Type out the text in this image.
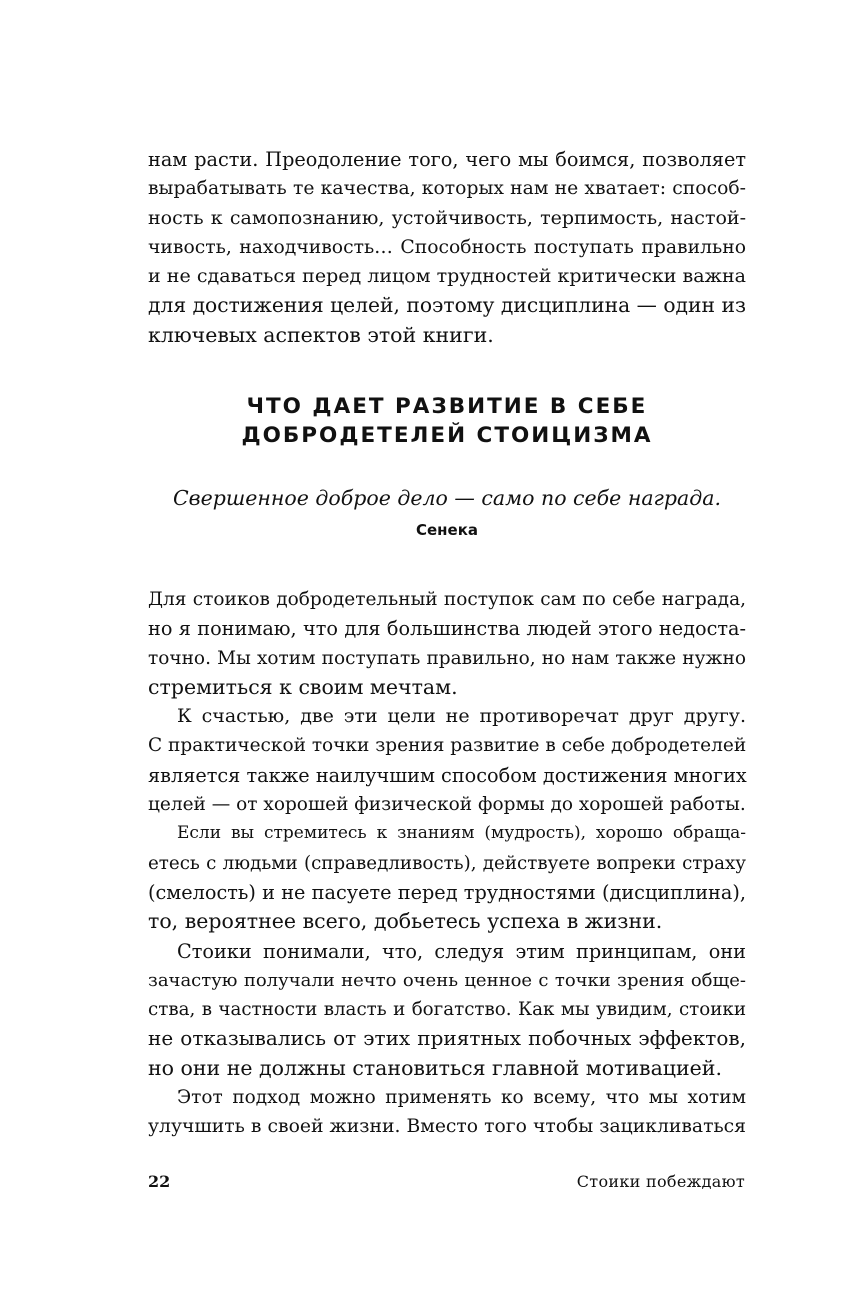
нам расти. Преодоление того, чего мы боимся, позволяет
вырабатывать те качества, которых нам не хватает: способ-
ность к самопознанию, устойчивость, терпимость, настой-
чивость, находчивость… Способность поступать правильно
и не сдаваться перед лицом трудностей критически важна
для достижения целей, поэтому дисциплина — один из
ключевых аспектов этой книги.
ЧТО ДАЕТ РАЗВИТИЕ В СЕБЕ
ДОБРОДЕТЕЛЕЙ СТОИЦИЗМА
Свершенное доброе дело — само по себе награда.
Сенека
Для стоиков добродетельный поступок сам по себе награда,
но я понимаю, что для большинства людей этого недоста-
точно. Мы хотим поступать правильно, но нам также нужно
стремиться к своим мечтам.
К счастью, две эти цели не противоречат друг другу.
С практической точки зрения развитие в себе добродетелей
является также наилучшим способом достижения многих
целей — от хорошей физической формы до хорошей работы.
Если вы стремитесь к знаниям (мудрость), хорошо обраща-
етесь с людьми (справедливость), действуете вопреки страху
(смелость) и не пасуете перед трудностями (дисциплина),
то, вероятнее всего, добьетесь успеха в жизни.
Стоики понимали, что, следуя этим принципам, они
зачастую получали нечто очень ценное с точки зрения обще-
ства, в частности власть и богатство. Как мы увидим, стоики
не отказывались от этих приятных побочных эффектов,
но они не должны становиться главной мотивацией.
Этот подход можно применять ко всему, что мы хотим
улучшить в своей жизни. Вместо того чтобы зацикливаться
22	Стоики побеждают
